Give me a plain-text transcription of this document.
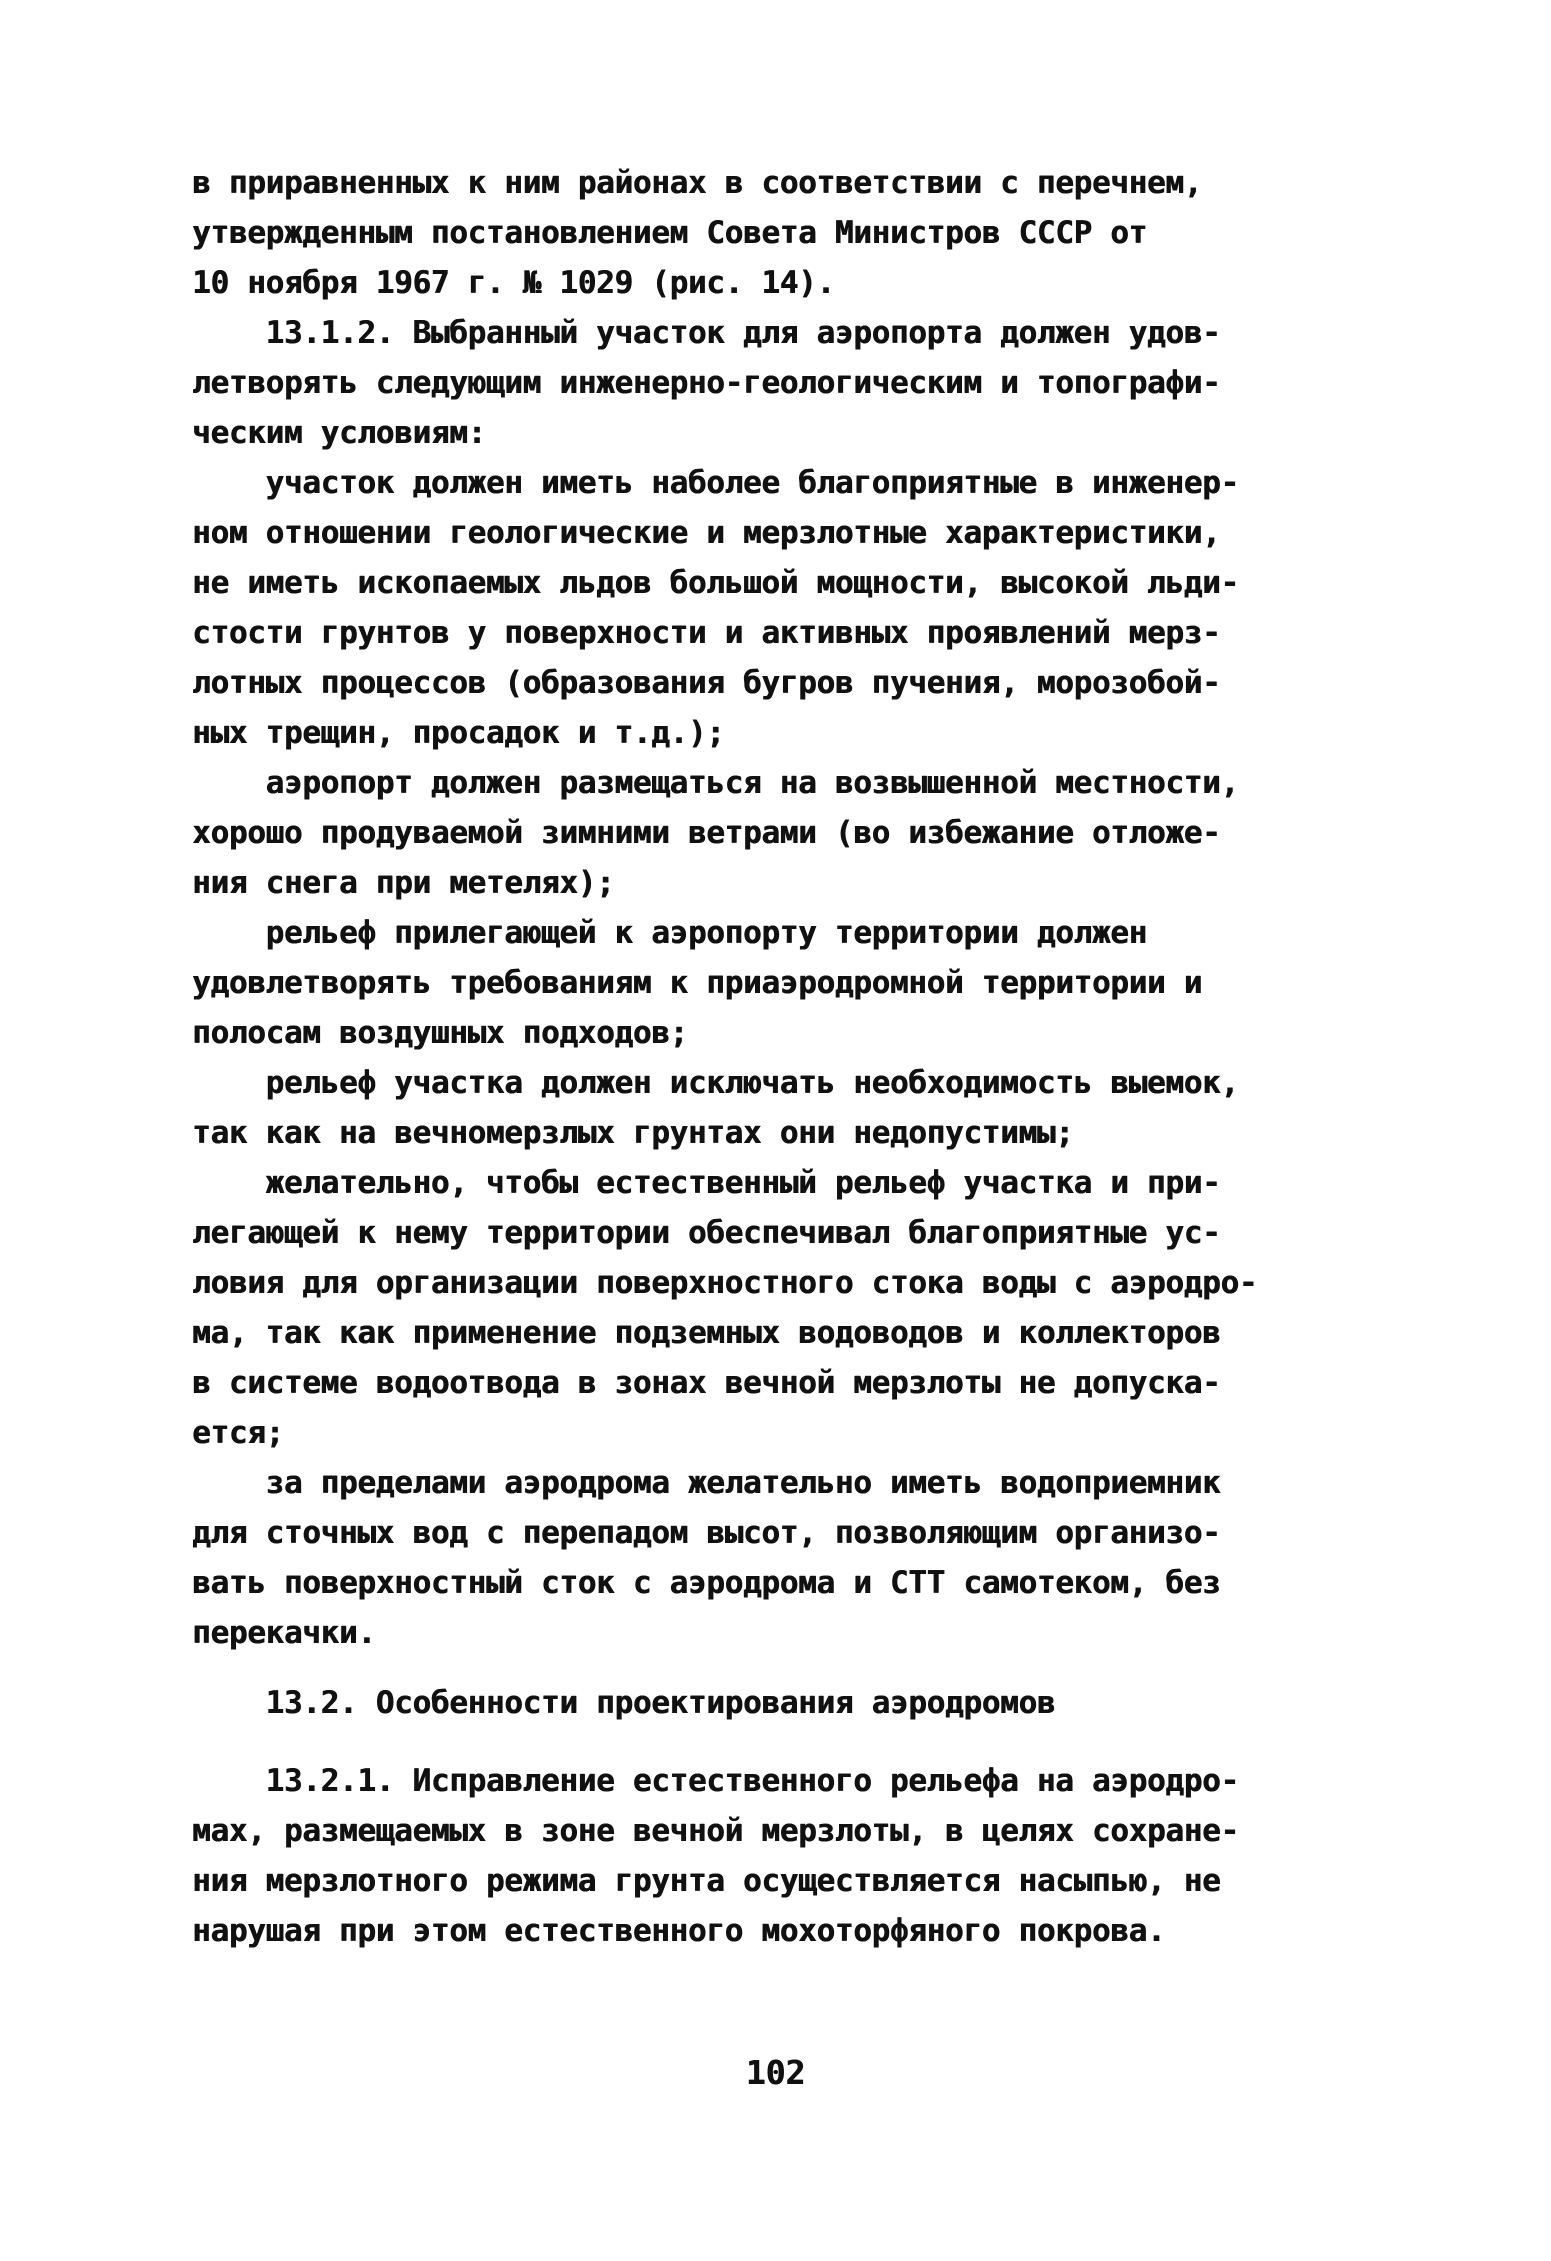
в приравненных к ним районах в соответствии с перечнем,
утвержденным постановлением Совета Министров СССР от
10 ноября 1967 г. № 1029 (рис. 14).
13.1.2. Выбранный участок для аэропорта должен удов-
летворять следующим инженерно-геологическим и топографи-
ческим условиям:
участок должен иметь наболее благоприятные в инженер-
ном отношении геологические и мерзлотные характеристики,
не иметь ископаемых льдов большой мощности, высокой льди-
стости грунтов у поверхности и активных проявлений мерз-
лотных процессов (образования бугров пучения, морозобой-
ных трещин, просадок и т.д.);
аэропорт должен размещаться на возвышенной местности,
хорошо продуваемой зимними ветрами (во избежание отложе-
ния снега при метелях);
рельеф прилегающей к аэропорту территории должен
удовлетворять требованиям к приаэродромной территории и
полосам воздушных подходов;
рельеф участка должен исключать необходимость выемок,
так как на вечномерзлых грунтах они недопустимы;
желательно, чтобы естественный рельеф участка и при-
легающей к нему территории обеспечивал благоприятные ус-
ловия для организации поверхностного стока воды с аэродро-
ма, так как применение подземных водоводов и коллекторов
в системе водоотвода в зонах вечной мерзлоты не допуска-
ется;
за пределами аэродрома желательно иметь водоприемник
для сточных вод с перепадом высот, позволяющим организо-
вать поверхностный сток с аэродрома и СТТ самотеком, без
перекачки.
13.2. Особенности проектирования аэродромов
13.2.1. Исправление естественного рельефа на аэродро-
мах, размещаемых в зоне вечной мерзлоты, в целях сохране-
ния мерзлотного режима грунта осуществляется насыпью, не
нарушая при этом естественного мохоторфяного покрова.
102
